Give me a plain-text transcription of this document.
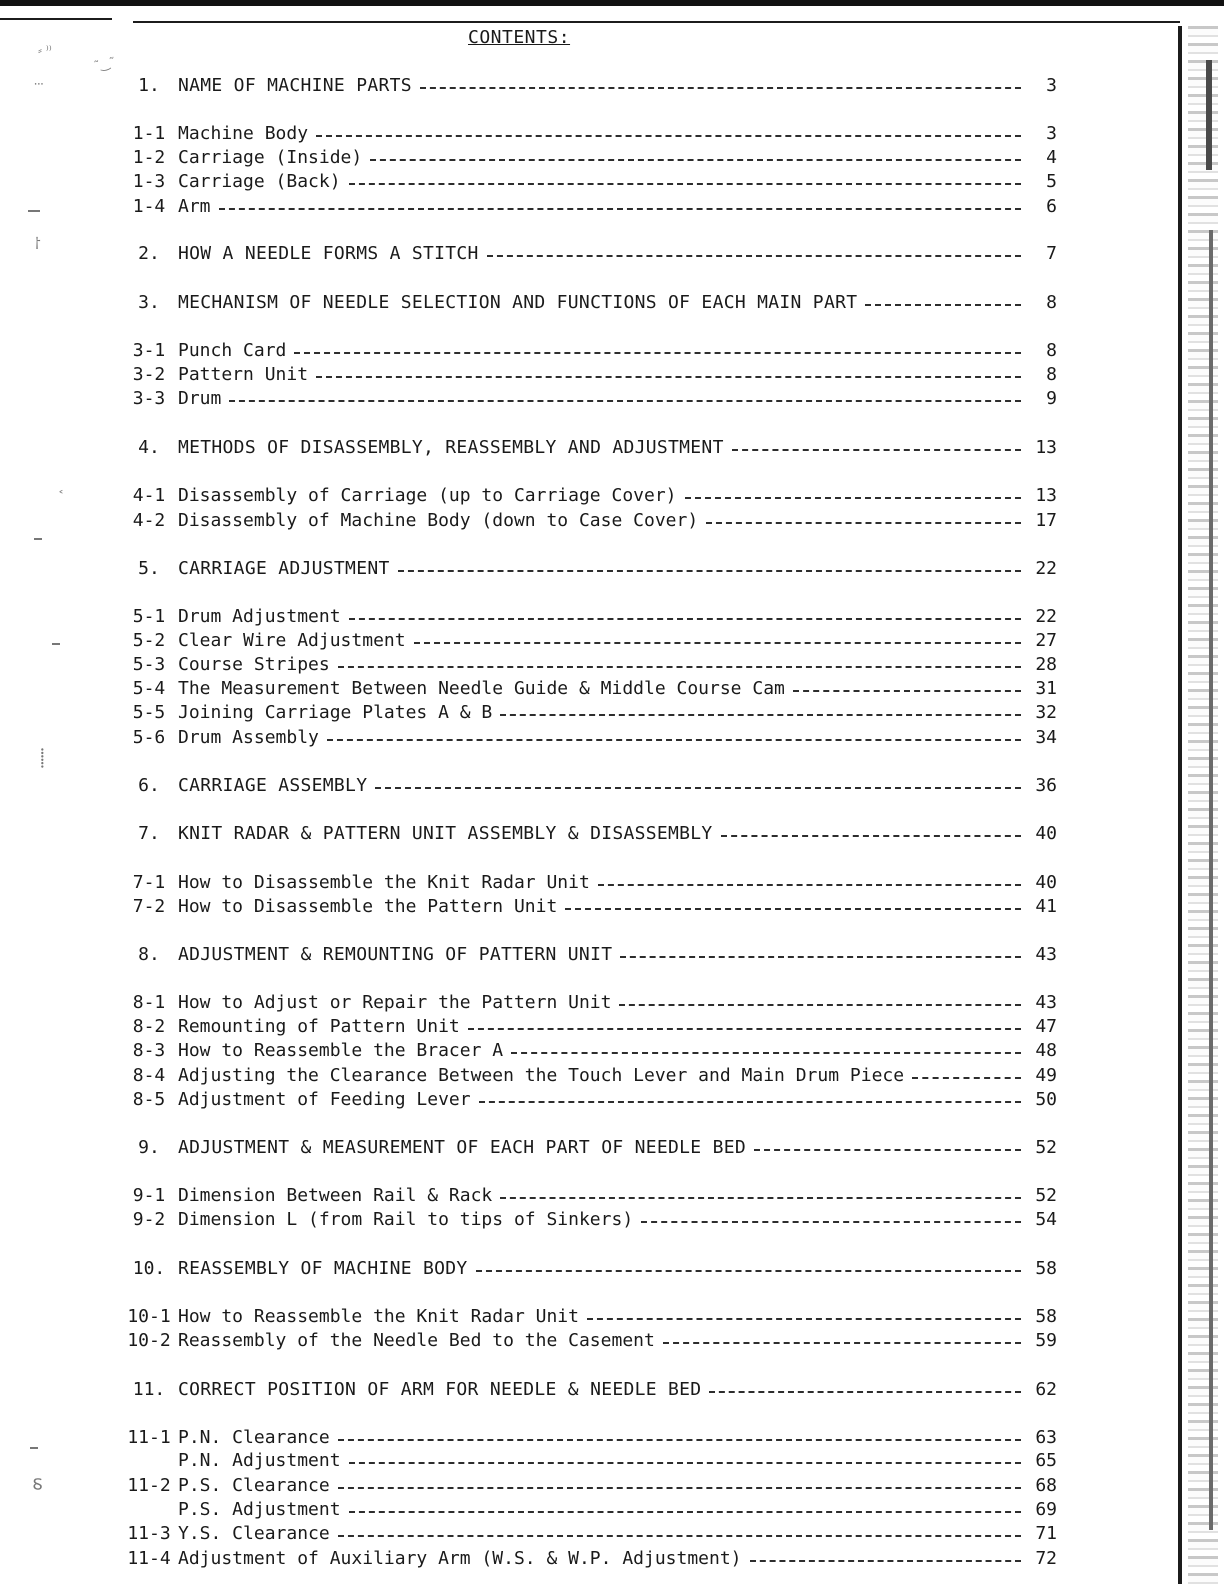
⸗ ⁾⁾
˜‿˜
⸳⸳⸳
⸷
˂
⸽
⸹
CONTENTS:
1.	NAME OF MACHINE PARTS	3
1-1 Machine Body	3
1-2 Carriage (Inside)	4
1-3 Carriage (Back)	5
1-4 Arm	6
2.	HOW A NEEDLE FORMS A STITCH	7
3.	MECHANISM OF NEEDLE SELECTION AND FUNCTIONS OF EACH MAIN PART	8
3-1 Punch Card	8
3-2 Pattern Unit	8
3-3 Drum	9
4.	METHODS OF DISASSEMBLY, REASSEMBLY AND ADJUSTMENT	13
4-1 Disassembly of Carriage (up to Carriage Cover)	13
4-2 Disassembly of Machine Body (down to Case Cover)	17
5.	CARRIAGE ADJUSTMENT	22
5-1 Drum Adjustment	22
5-2 Clear Wire Adjustment	27
5-3 Course Stripes	28
5-4 The Measurement Between Needle Guide & Middle Course Cam	31
5-5 Joining Carriage Plates A & B	32
5-6 Drum Assembly	34
6.	CARRIAGE ASSEMBLY	36
7.	KNIT RADAR & PATTERN UNIT ASSEMBLY & DISASSEMBLY	40
7-1 How to Disassemble the Knit Radar Unit	40
7-2 How to Disassemble the Pattern Unit	41
8.	ADJUSTMENT & REMOUNTING OF PATTERN UNIT	43
8-1 How to Adjust or Repair the Pattern Unit	43
8-2 Remounting of Pattern Unit	47
8-3 How to Reassemble the Bracer A	48
8-4 Adjusting the Clearance Between the Touch Lever and Main Drum Piece	49
8-5 Adjustment of Feeding Lever	50
9.	ADJUSTMENT & MEASUREMENT OF EACH PART OF NEEDLE BED	52
9-1 Dimension Between Rail & Rack	52
9-2 Dimension L (from Rail to tips of Sinkers)	54
10. REASSEMBLY OF MACHINE BODY	58
10-1 How to Reassemble the Knit Radar Unit	58
10-2 Reassembly of the Needle Bed to the Casement	59
11. CORRECT POSITION OF ARM FOR NEEDLE & NEEDLE BED	62
11-1 P.N. Clearance	63
P.N. Adjustment	65
11-2 P.S. Clearance	68
P.S. Adjustment	69
11-3 Y.S. Clearance	71
11-4 Adjustment of Auxiliary Arm (W.S. & W.P. Adjustment)	72
